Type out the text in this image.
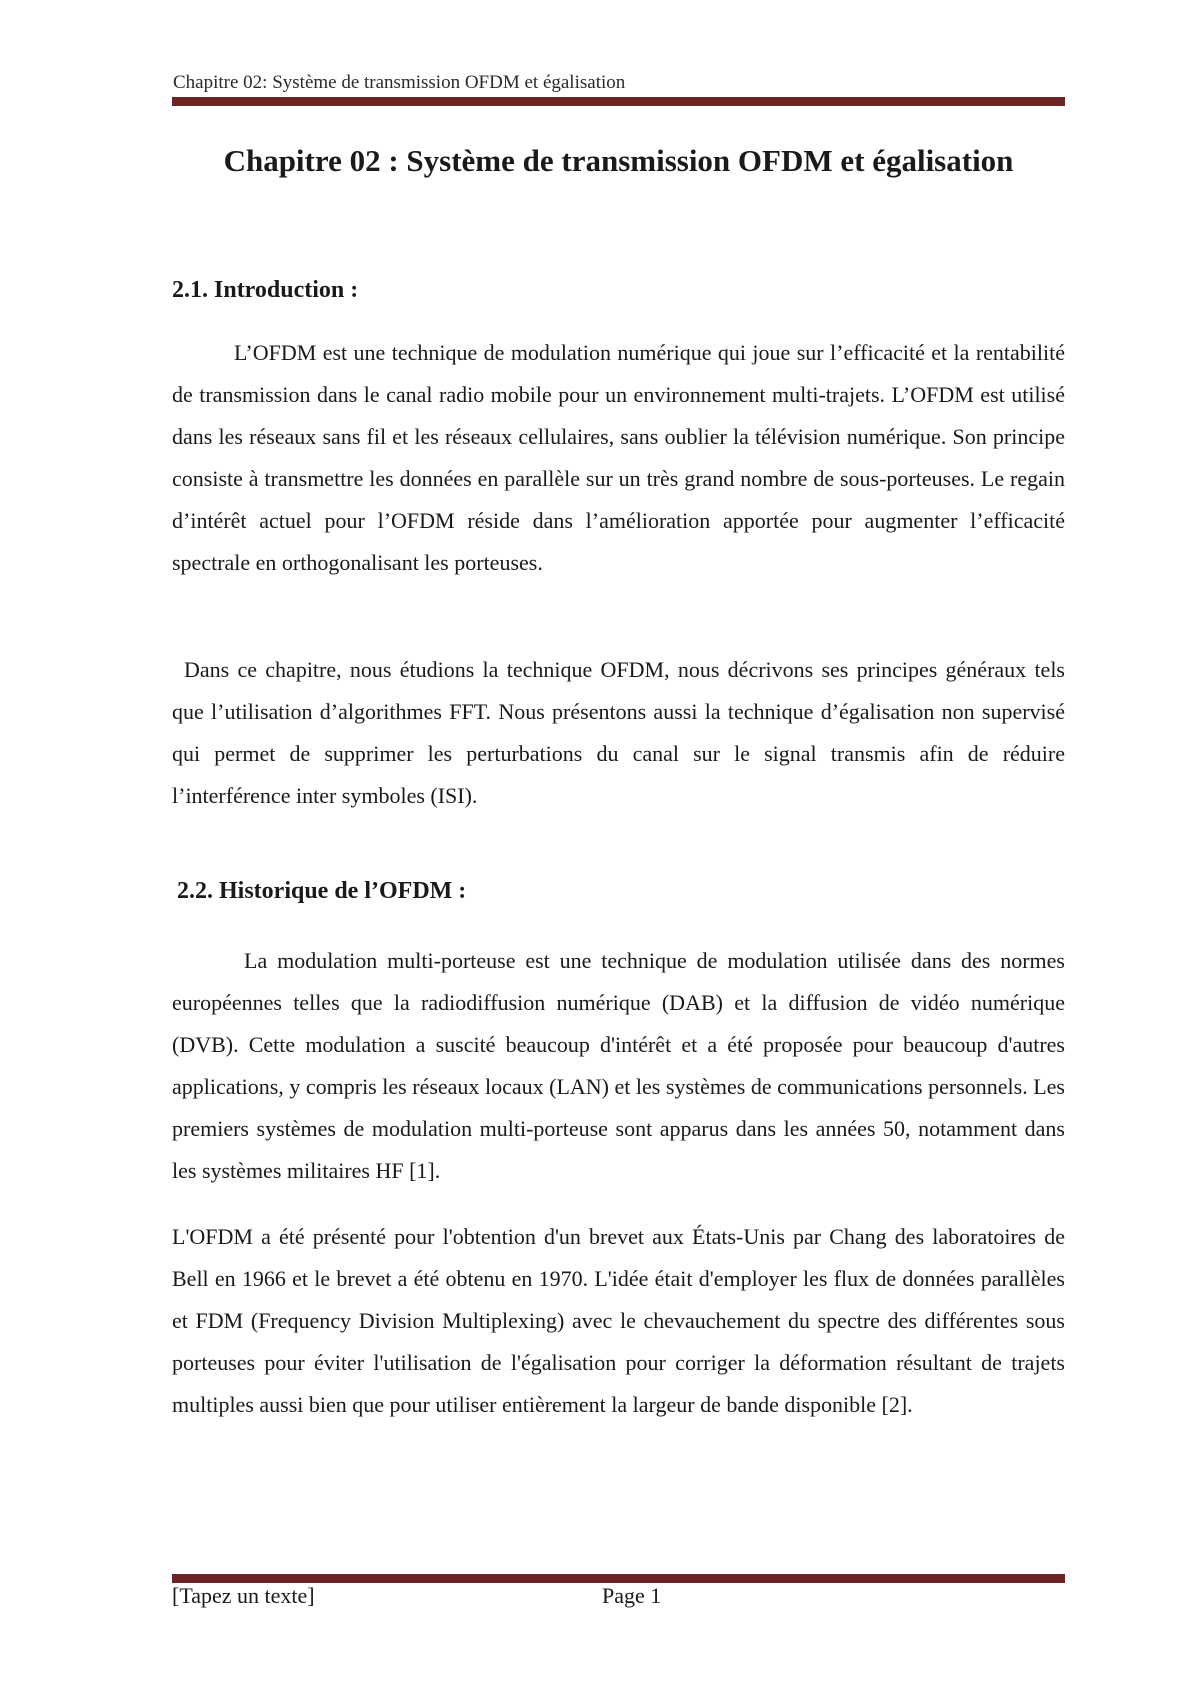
Chapitre 02: Système de transmission OFDM et égalisation
Chapitre 02 : Système de transmission OFDM et égalisation
2.1. Introduction :

L’OFDM est une technique de modulation numérique qui joue sur l’efficacité et la rentabilité de transmission dans le canal radio mobile pour un environnement multi-trajets. L’OFDM est utilisé dans les réseaux sans fil et les réseaux cellulaires, sans oublier la télévision numérique. Son principe consiste à transmettre les données en parallèle sur un très grand nombre de sous-porteuses. Le regain d’intérêt actuel pour l’OFDM réside dans l’amélioration apportée pour augmenter l’efficacité spectrale en orthogonalisant les porteuses.

Dans ce chapitre, nous étudions la technique OFDM, nous décrivons ses principes généraux tels que l’utilisation d’algorithmes FFT. Nous présentons aussi la technique d’égalisation non supervisé qui permet de supprimer les perturbations du canal sur le signal transmis afin de réduire l’interférence inter symboles (ISI).

2.2. Historique de l’OFDM :

La modulation multi-porteuse est une technique de modulation utilisée dans des normes européennes telles que la radiodiffusion numérique (DAB) et la diffusion de vidéo numérique (DVB). Cette modulation a suscité beaucoup d'intérêt et a été proposée pour beaucoup d'autres applications, y compris les réseaux locaux (LAN) et les systèmes de communications personnels. Les premiers systèmes de modulation multi-porteuse sont apparus dans les années 50, notamment dans les systèmes militaires HF [1].

L'OFDM a été présenté pour l'obtention d'un brevet aux États-Unis par Chang des laboratoires de Bell en 1966 et le brevet a été obtenu en 1970. L'idée était d'employer les flux de données parallèles et FDM (Frequency Division Multiplexing) avec le chevauchement du spectre des différentes sous porteuses pour éviter l'utilisation de l'égalisation pour corriger la déformation résultant de trajets multiples aussi bien que pour utiliser entièrement la largeur de bande disponible [2].

[Tapez un texte]	Page 1
